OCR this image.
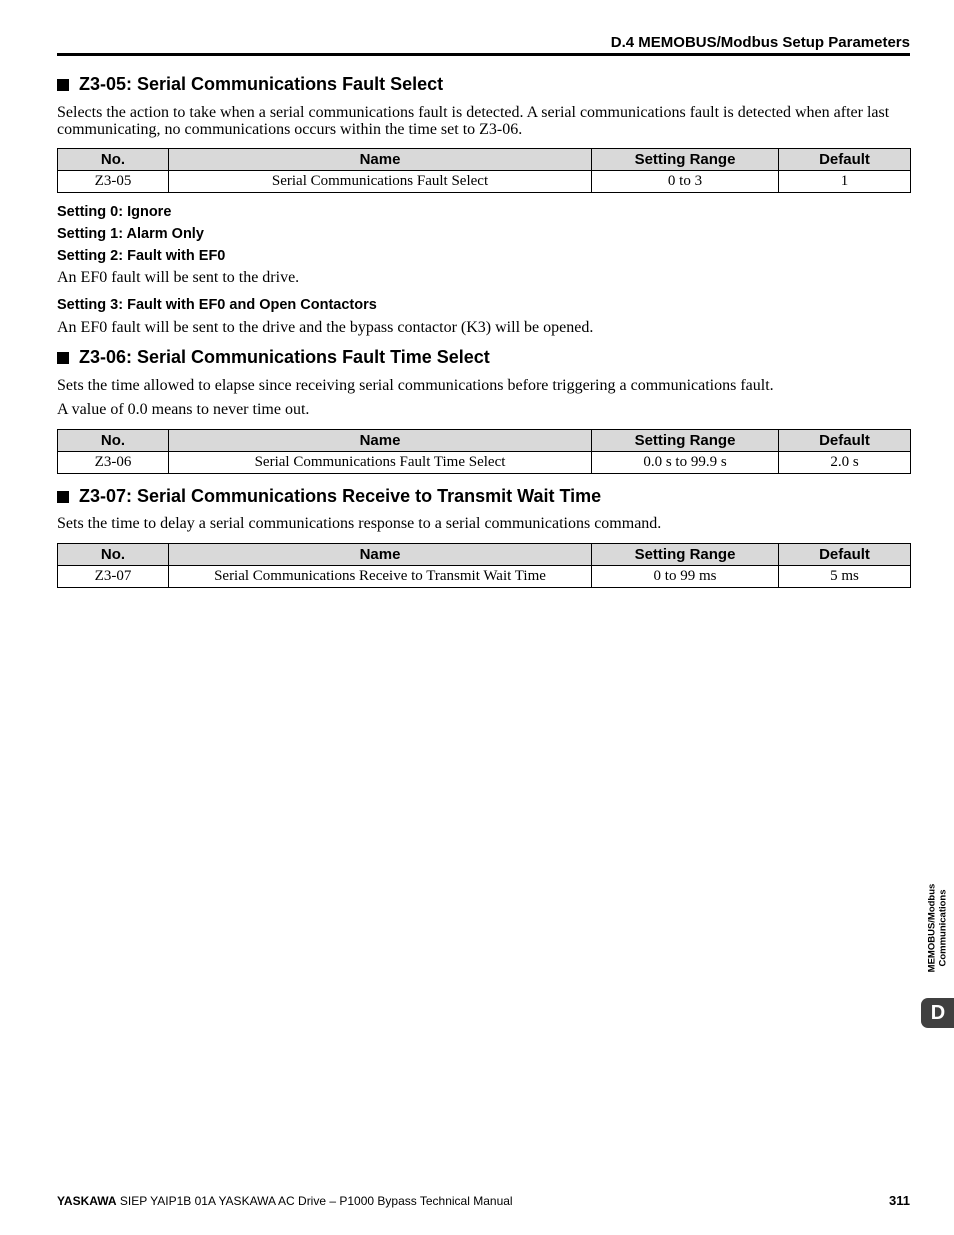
D.4 MEMOBUS/Modbus Setup Parameters
Z3-05: Serial Communications Fault Select
Selects the action to take when a serial communications fault is detected. A serial communications fault is detected when after last communicating, no communications occurs within the time set to Z3-06.
No.	Name	Setting Range	Default
Z3-05	Serial Communications Fault Select	0 to 3	1
Setting 0: Ignore
Setting 1: Alarm Only
Setting 2: Fault with EF0
An EF0 fault will be sent to the drive.
Setting 3: Fault with EF0 and Open Contactors
An EF0 fault will be sent to the drive and the bypass contactor (K3) will be opened.
Z3-06: Serial Communications Fault Time Select
Sets the time allowed to elapse since receiving serial communications before triggering a communications fault.
A value of 0.0 means to never time out.
No.	Name	Setting Range	Default
Z3-06	Serial Communications Fault Time Select	0.0 s to 99.9 s	2.0 s
Z3-07: Serial Communications Receive to Transmit Wait Time
Sets the time to delay a serial communications response to a serial communications command.
No.	Name	Setting Range	Default
Z3-07	Serial Communications Receive to Transmit Wait Time	0 to 99 ms	5 ms
MEMOBUS/Modbus Communications
D
YASKAWA SIEP YAIP1B 01A YASKAWA AC Drive – P1000 Bypass Technical Manual	311
